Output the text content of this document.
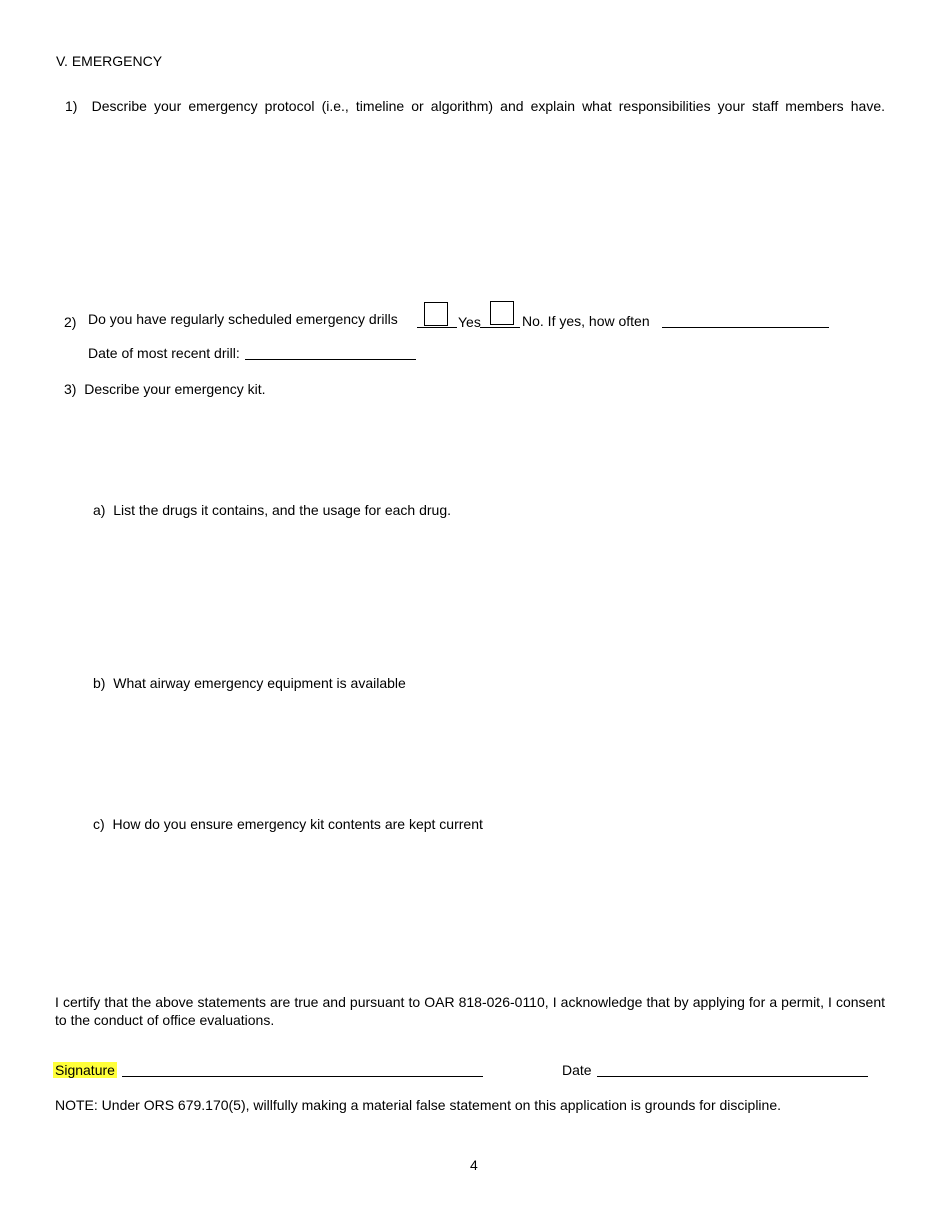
V. EMERGENCY
1) Describe your emergency protocol (i.e., timeline or algorithm) and explain what responsibilities your staff members have.
2) Do you have regularly scheduled emergency drills	Yes	No. If yes, how often
Date of most recent drill:
3) Describe your emergency kit.
a) List the drugs it contains, and the usage for each drug.
b) What airway emergency equipment is available
c) How do you ensure emergency kit contents are kept current
I certify that the above statements are true and pursuant to OAR 818-026-0110, I acknowledge that by applying for a permit, I consent to the conduct of office evaluations.
Signature	Date
NOTE: Under ORS 679.170(5), willfully making a material false statement on this application is grounds for discipline.
4
